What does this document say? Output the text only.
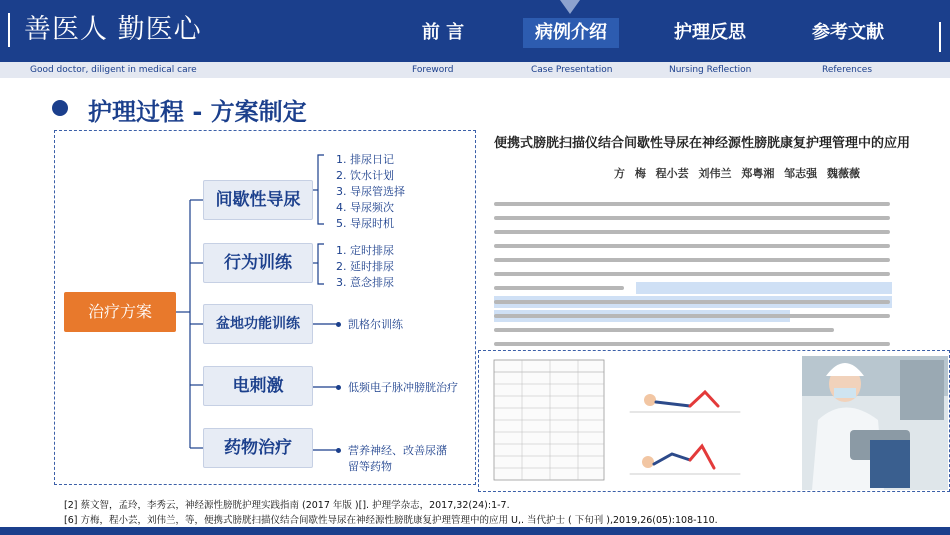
善医人 勤医心
Good doctor, diligent in medical care
前 言	病例介绍	护理反思	参考文献
Foreword	Case Presentation	Nursing Reflection	References
护理过程 - 方案制定
治疗方案
间歇性导尿
行为训练
盆地功能训练
电刺激
药物治疗
1. 排尿日记
2. 饮水计划
3. 导尿管选择
4. 导尿频次
5. 导尿时机
1. 定时排尿
2. 延时排尿
3. 意念排尿
凯格尔训练
低频电子脉冲膀胱治疗
营养神经、改善尿潴
留等药物
便携式膀胱扫描仪结合间歇性导尿在神经源性膀胱康复护理管理中的应用
方 梅 程小芸 刘伟兰 郑粤湘 邹志强 魏薇薇
[2] 蔡文智，孟玲，李秀云，神经源性膀胱护理实践指南 (2017 年版 )[]. 护理学杂志，2017,32(24):1-7.
[6] 方梅，程小芸，刘伟兰，等，便携式膀胱扫描仪结合间歇性导尿在神经源性膀胱康复护理管理中的应用 U,. 当代护士 ( 下旬刊 ),2019,26(05):108-110.
